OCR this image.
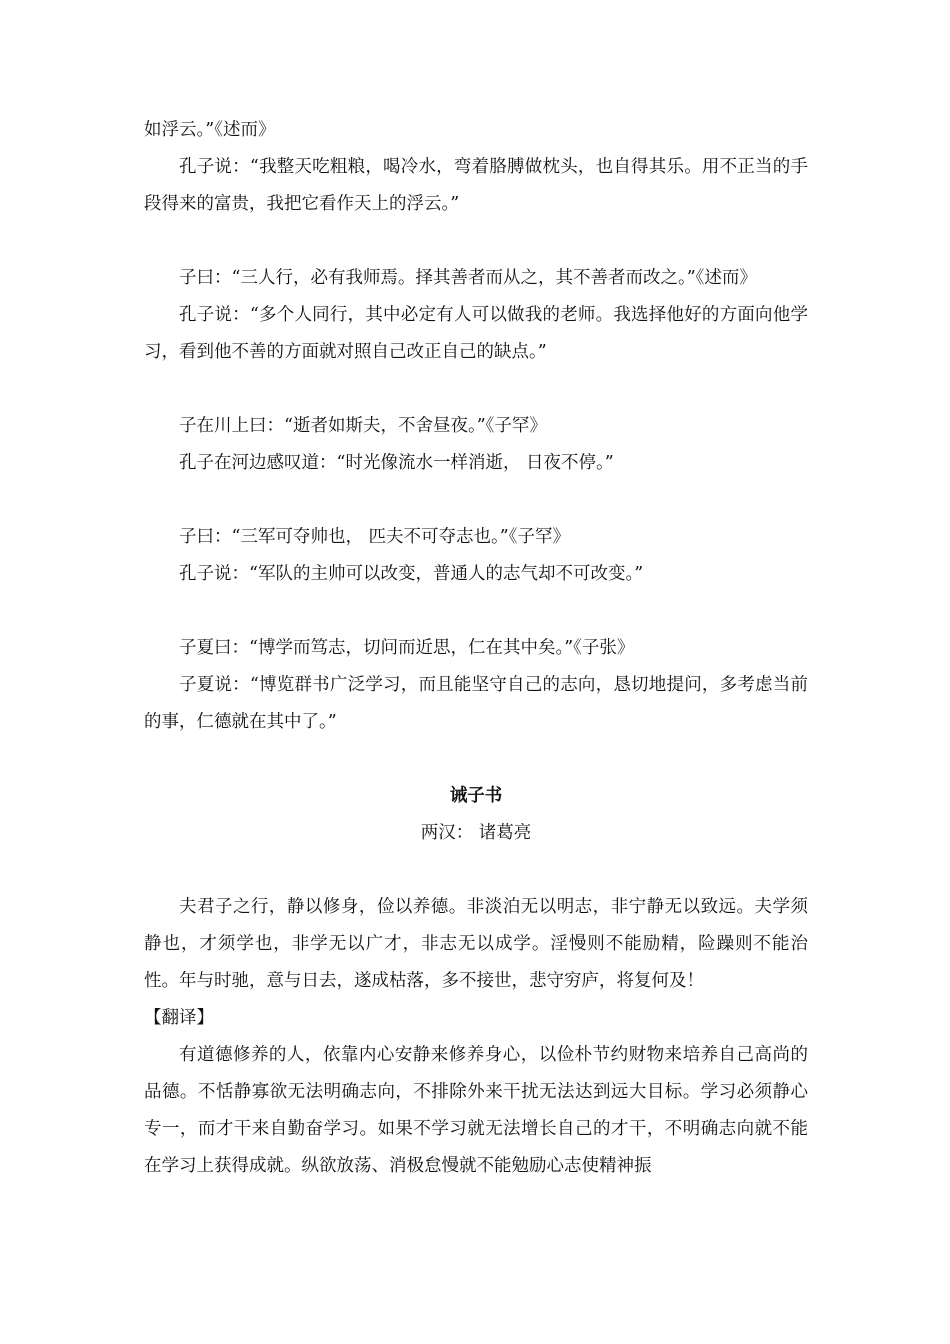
如浮云。”《述而》

孔子说：“我整天吃粗粮，喝冷水，弯着胳膊做枕头，也自得其乐。用不正当的手段得来的富贵，我把它看作天上的浮云。”

子曰：“三人行，必有我师焉。择其善者而从之，其不善者而改之。”《述而》

孔子说：“多个人同行，其中必定有人可以做我的老师。我选择他好的方面向他学习，看到他不善的方面就对照自己改正自己的缺点。”

子在川上曰：“逝者如斯夫，不舍昼夜。”《子罕》

孔子在河边感叹道：“时光像流水一样消逝， 日夜不停。”

子曰：“三军可夺帅也， 匹夫不可夺志也。”《子罕》

孔子说：“军队的主帅可以改变，普通人的志气却不可改变。”

子夏曰：“博学而笃志，切问而近思，仁在其中矣。”《子张》

子夏说：“博览群书广泛学习，而且能坚守自己的志向，恳切地提问，多考虑当前的事，仁德就在其中了。”

诫子书

两汉： 诸葛亮

夫君子之行，静以修身，俭以养德。非淡泊无以明志，非宁静无以致远。夫学须静也，才须学也，非学无以广才，非志无以成学。淫慢则不能励精，险躁则不能治性。年与时驰，意与日去，遂成枯落，多不接世，悲守穷庐，将复何及！

【翻译】

有道德修养的人，依靠内心安静来修养身心，以俭朴节约财物来培养自己高尚的品德。不恬静寡欲无法明确志向，不排除外来干扰无法达到远大目标。学习必须静心专一，而才干来自勤奋学习。如果不学习就无法增长自己的才干，不明确志向就不能在学习上获得成就。纵欲放荡、消极怠慢就不能勉励心志使精神振
